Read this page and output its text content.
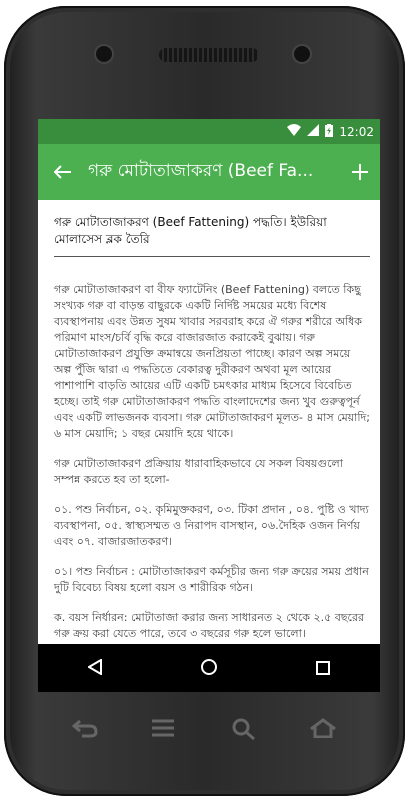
12:02
গরু মোটাতাজাকরণ (Beef Fa...
গরু মোটাতাজাকরণ (Beef Fattening) পদ্ধতি। ইউরিয়া মোলাসেস ব্লক তৈরি

গরু মোটাতাজাকরণ বা বীফ ফ্যাটেনিং (Beef Fattening) বলতে কিছু সংখ্যক গরু বা বাড়ন্ত বাছুরকে একটি নির্দিষ্ট সময়ের মধ্যে বিশেষ ব্যবস্থাপনায় এবং উন্নত সুষম খাবার সরবরাহ করে ঐ গরুর শরীরে অধিক পরিমাণ মাংস/চর্বি বৃদ্ধি করে বাজারজাত করাকেই বুঝায়। গরু মোটাতাজাকরণ প্রযুক্তি ক্রমান্বয়ে জনপ্রিয়তা পাচ্ছে। কারণ অল্প সময়ে অল্প পুঁজি দ্বারা এ পদ্ধতিতে বেকারত্ব দুরীকরণ অথবা মূল আয়ের পাশাপাশি বাড়তি আয়ের এটি একটি চমৎকার মাধ্যম হিসেবে বিবেচিত হচ্ছে। তাই গরু মোটাতাজাকরণ পদ্ধতি বাংলাদেশের জন্য খুব গুরুত্বপূর্ন এবং একটি লাভজনক ব্যবসা। গরু মোটাতাজাকরণ মূলত- ৪ মাস মেয়াদি; ৬ মাস মেয়াদি; ১ বছর মেয়াদি হয়ে থাকে।

গরু মোটাতাজাকরণ প্রক্রিয়ায় ধারাবাহিকভাবে যে সকল বিষয়গুলো সম্পন্ন করতে হব তা হলো-

০১. পশু নির্বাচন, ০২. কৃমিমুক্তকরণ, ০৩. টিকা প্রদান , ০৪. পুষ্টি ও খাদ্য ব্যবস্থাপনা, ০৫. স্বাস্থ্যসম্মত ও নিরাপদ বাসস্থান, ০৬.দৈহিক ওজন নির্ণয় এবং ০৭. বাজারজাতকরণ।

০১। পশু নির্বাচন : মোটাতাজাকরণ কর্মসূচীর জন্য গরু ক্রয়ের সময় প্রধান দুটি বিবেচ্য বিষয় হলো বয়স ও শারীরিক গঠন।

ক. বয়স নির্ধারন: মোটাতাজা করার জন্য সাধারনত ২ থেকে ২.৫ বছরের গরু ক্রয় করা যেতে পারে, তবে ৩ বছরের গরু হলে ভালো।
